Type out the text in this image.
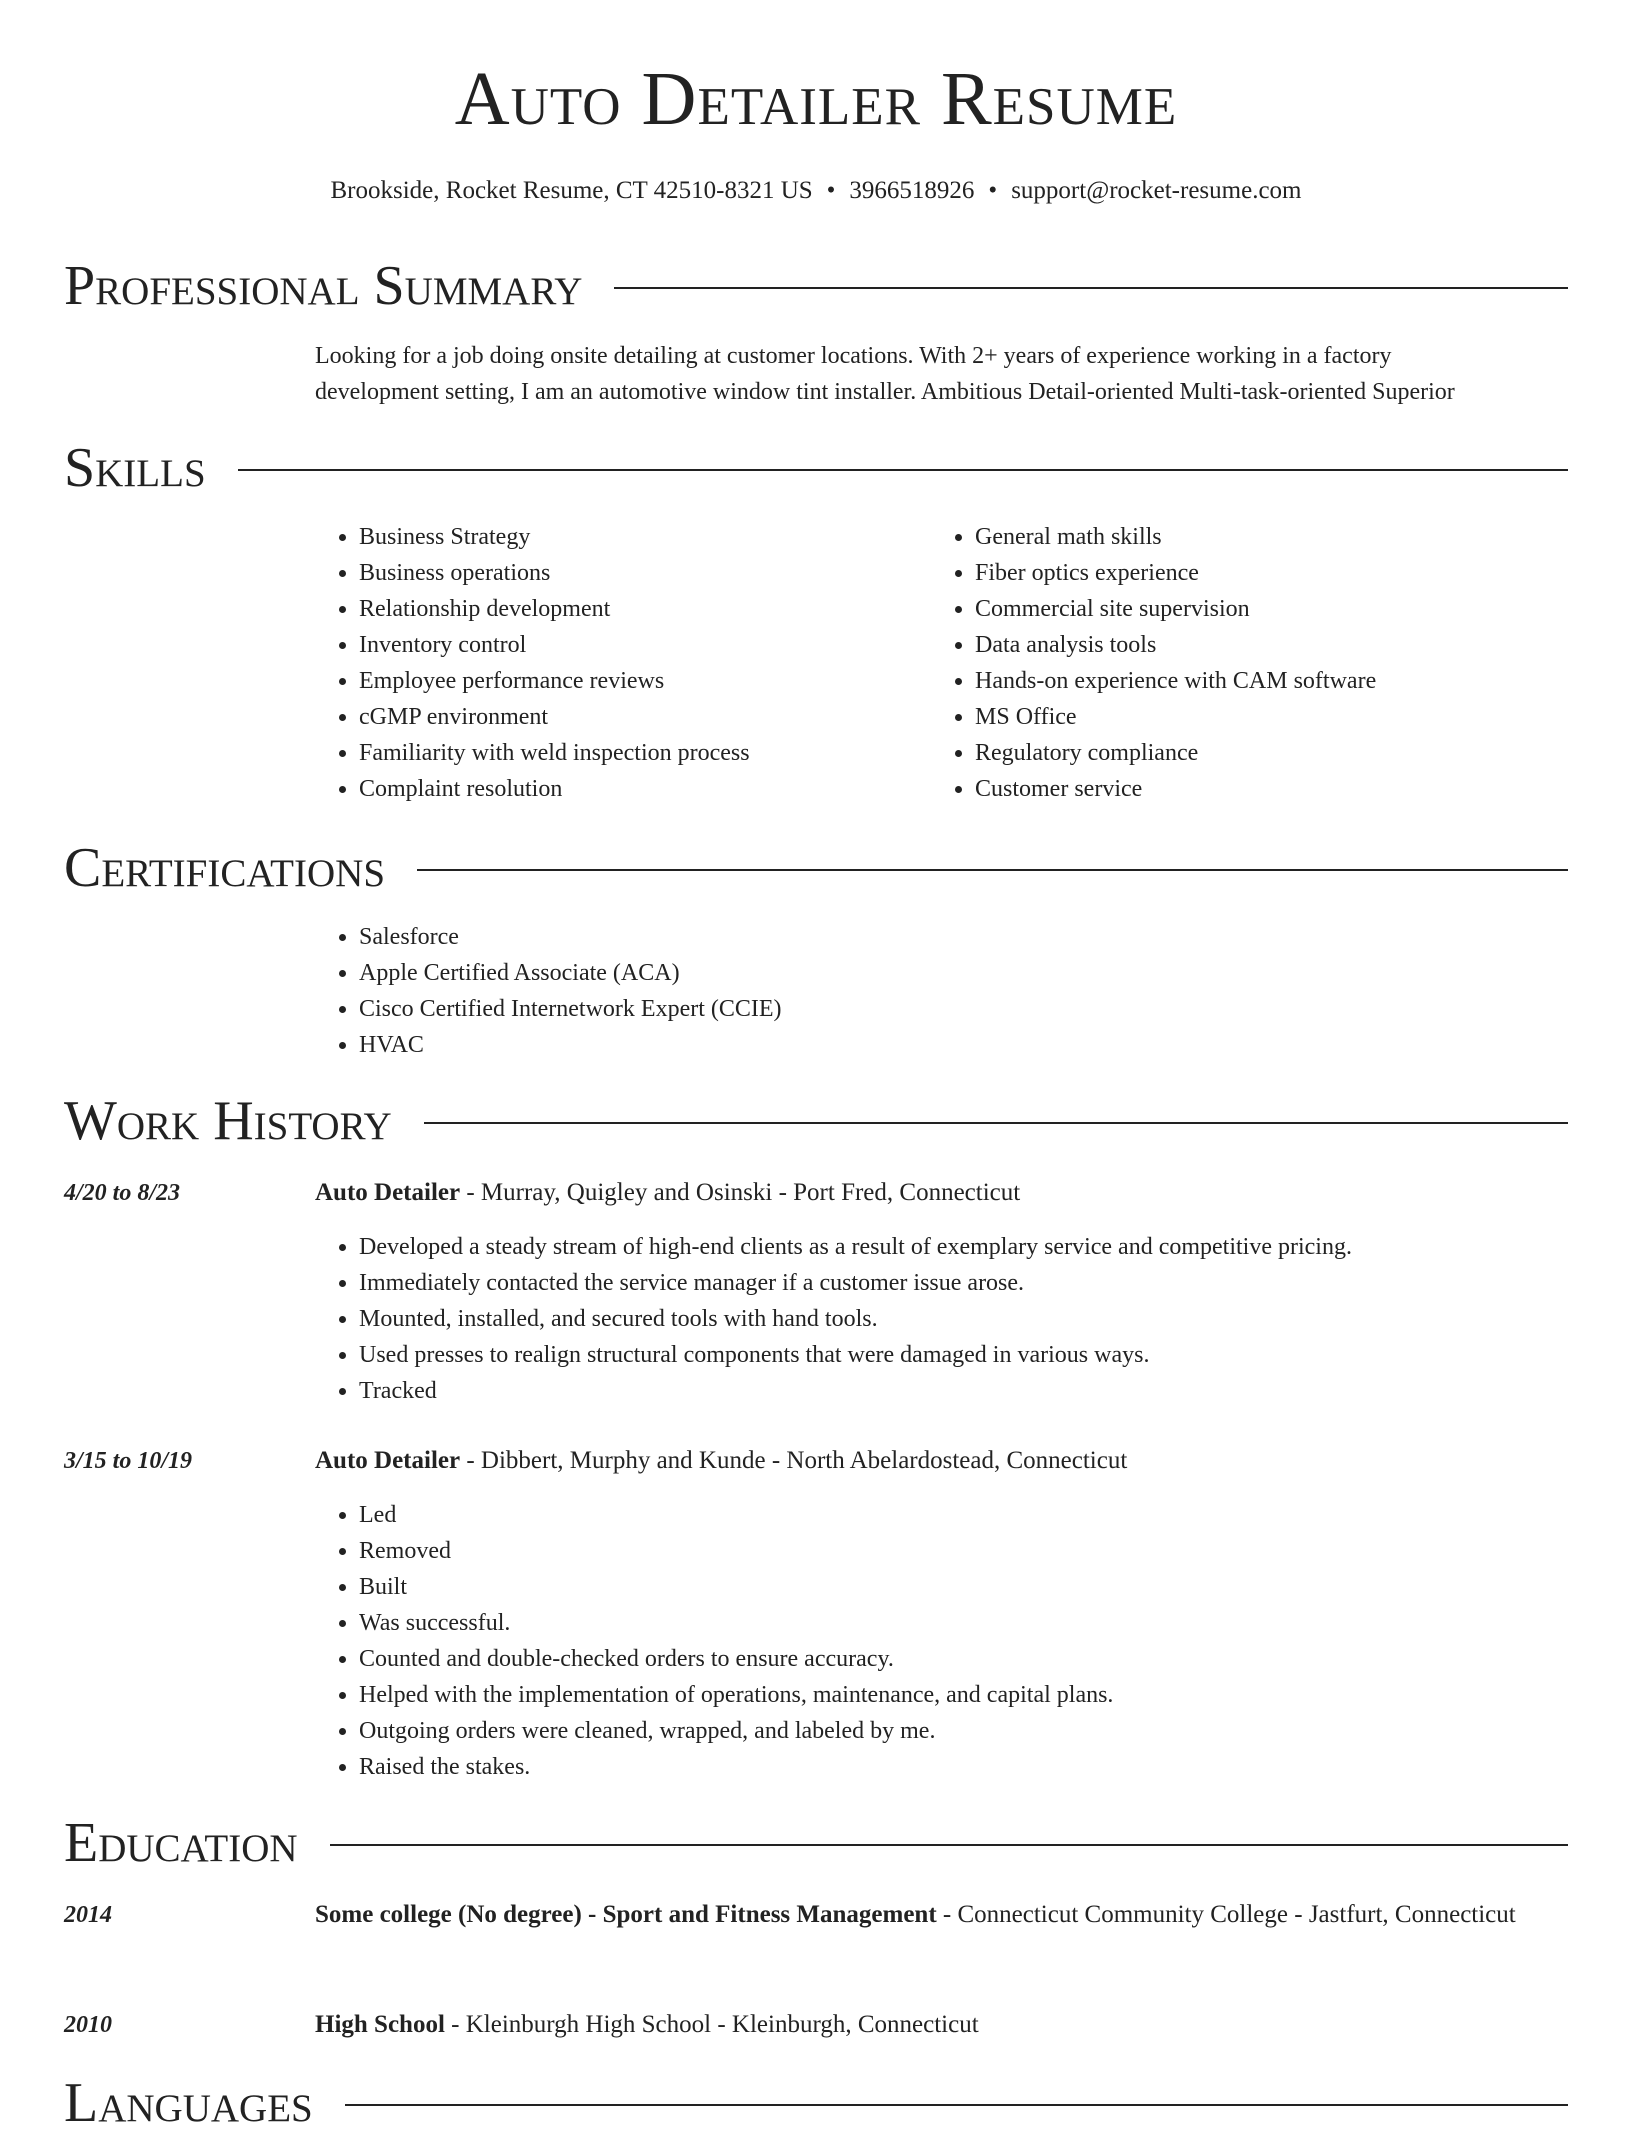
Auto Detailer Resume
Brookside, Rocket Resume, CT 42510-8321 US • 3966518926 • support@rocket-resume.com
Professional Summary
Looking for a job doing onsite detailing at customer locations. With 2+ years of experience working in a factory development setting, I am an automotive window tint installer. Ambitious Detail-oriented Multi-task-oriented Superior
Skills
• Business Strategy
• Business operations
• Relationship development
• Inventory control
• Employee performance reviews
• cGMP environment
• Familiarity with weld inspection process
• Complaint resolution
• General math skills
• Fiber optics experience
• Commercial site supervision
• Data analysis tools
• Hands-on experience with CAM software
• MS Office
• Regulatory compliance
• Customer service
Certifications
• Salesforce
• Apple Certified Associate (ACA)
• Cisco Certified Internetwork Expert (CCIE)
• HVAC
Work History
4/20 to 8/23	Auto Detailer - Murray, Quigley and Osinski - Port Fred, Connecticut
• Developed a steady stream of high-end clients as a result of exemplary service and competitive pricing.
• Immediately contacted the service manager if a customer issue arose.
• Mounted, installed, and secured tools with hand tools.
• Used presses to realign structural components that were damaged in various ways.
• Tracked
3/15 to 10/19	Auto Detailer - Dibbert, Murphy and Kunde - North Abelardostead, Connecticut
• Led
• Removed
• Built
• Was successful.
• Counted and double-checked orders to ensure accuracy.
• Helped with the implementation of operations, maintenance, and capital plans.
• Outgoing orders were cleaned, wrapped, and labeled by me.
• Raised the stakes.
Education
2014	Some college (No degree) - Sport and Fitness Management - Connecticut Community College - Jastfurt, Connecticut
2010	High School - Kleinburgh High School - Kleinburgh, Connecticut
Languages
